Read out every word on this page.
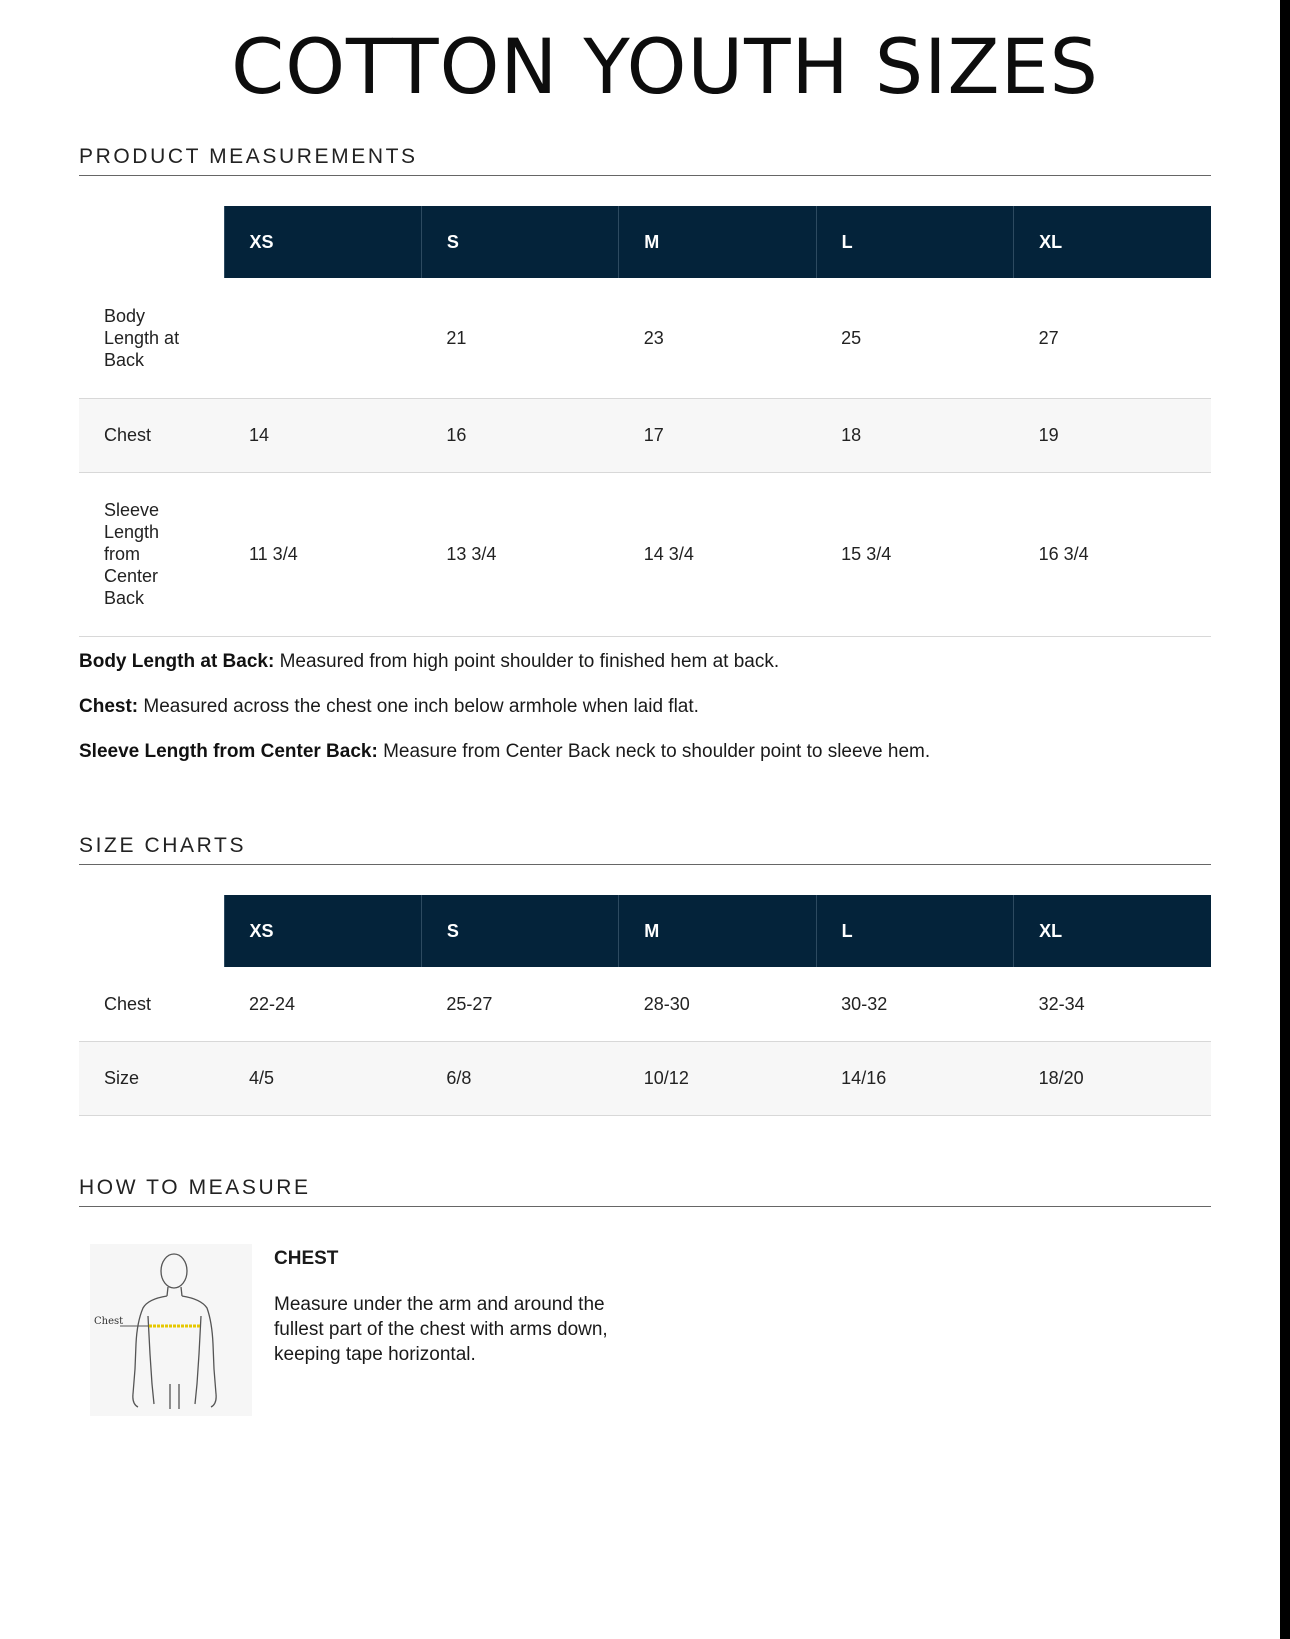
COTTON YOUTH SIZES
PRODUCT MEASUREMENTS
	XS	S	M	L	XL
Body Length at Back		21	23	25	27
Chest	14	16	17	18	19
Sleeve Length from Center Back	11 3/4	13 3/4	14 3/4	15 3/4	16 3/4

Body Length at Back: Measured from high point shoulder to finished hem at back.

Chest: Measured across the chest one inch below armhole when laid flat.

Sleeve Length from Center Back: Measure from Center Back neck to shoulder point to sleeve hem.

SIZE CHARTS
	XS	S	M	L	XL
Chest	22-24	25-27	28-30	30-32	32-34
Size	4/5	6/8	10/12	14/16	18/20
HOW TO MEASURE
Chest
CHEST
Measure under the arm and around the fullest part of the chest with arms down, keeping tape horizontal.
